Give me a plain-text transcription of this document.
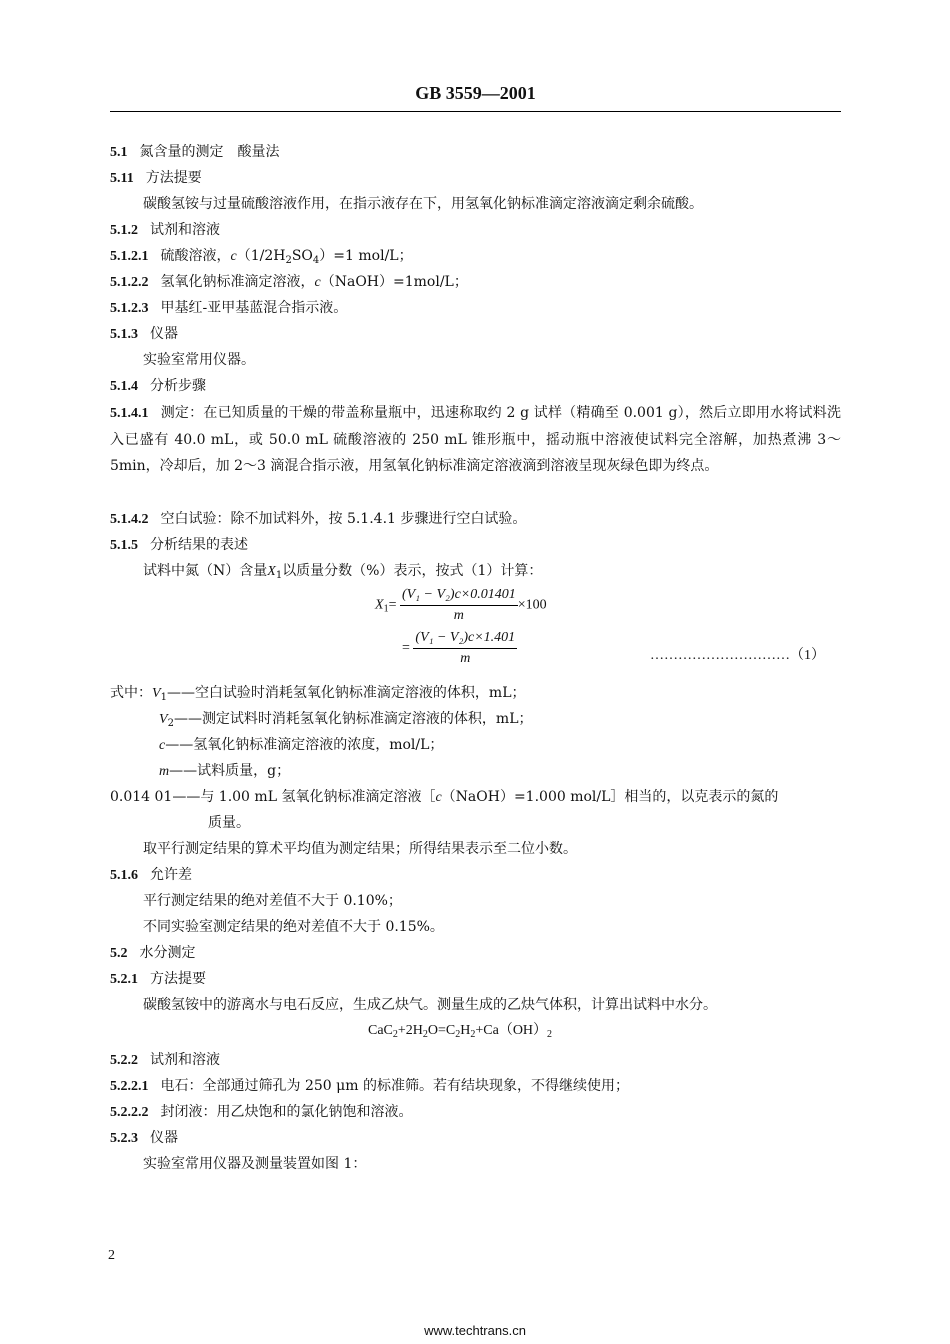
GB 3559—2001
5.1 氮含量的测定　酸量法
5.11 方法提要
碳酸氢铵与过量硫酸溶液作用，在指示液存在下，用氢氧化钠标准滴定溶液滴定剩余硫酸。
5.1.2 试剂和溶液
5.1.2.1 硫酸溶液，$c(1/2H_2SO_4)=1$ mol/L；
5.1.2.2 氢氧化钠标准滴定溶液，c（NaOH）=1mol/L；
5.1.2.3 甲基红-亚甲基蓝混合指示液。
5.1.3 仪器
实验室常用仪器。
5.1.4 分析步骤
5.1.4.1 测定：在已知质量的干燥的带盖称量瓶中，迅速称取约 2 g 试样（精确至 0.001 g），然后立即用水将试料洗入已盛有 40.0 mL，或 50.0 mL 硫酸溶液的 250 mL 锥形瓶中，摇动瓶中溶液使试料完全溶解，加热煮沸 3～5min，冷却后，加 2～3 滴混合指示液，用氢氧化钠标准滴定溶液滴到溶液呈现灰绿色即为终点。
5.1.4.2 空白试验：除不加试料外，按 5.1.4.1 步骤进行空白试验。
5.1.5 分析结果的表述
试料中氮（N）含量$X_1$以质量分数（%）表示，按式（1）计算：
$X_1= \frac{\text{(V₁ − V₂)c×0.01401}}{m} \times 100$
= $\frac{\text{(V₁ − V₂)c×1.401}}{m}$	…………………………（1）
式中：$V_1——$空白试验时消耗氢氧化钠标准滴定溶液的体积，mL；
$V_2——$测定试料时消耗氢氧化钠标准滴定溶液的体积，mL；
c——氢氧化钠标准滴定溶液的浓度，mol/L；
m——试料质量，g；
0.014 01——与 1.00 mL 氢氧化钠标准滴定溶液［c（NaOH）=1.000 mol/L］相当的，以克表示的氮的
质量。
取平行测定结果的算术平均值为测定结果；所得结果表示至二位小数。
5.1.6 允许差
平行测定结果的绝对差值不大于 0.10%；
不同实验室测定结果的绝对差值不大于 0.15%。
5.2 水分测定
5.2.1 方法提要
碳酸氢铵中的游离水与电石反应，生成乙炔气。测量生成的乙炔气体积，计算出试料中水分。
$CaC_2+2H_2O=C_2H_2+Ca(OH)_2$
5.2.2 试剂和溶液
5.2.2.1 电石：全部通过筛孔为 250 μm 的标准筛。若有结块现象，不得继续使用；
5.2.2.2 封闭液：用乙炔饱和的氯化钠饱和溶液。
5.2.3 仪器
实验室常用仪器及测量装置如图 1：
2
www.techtrans.cn
